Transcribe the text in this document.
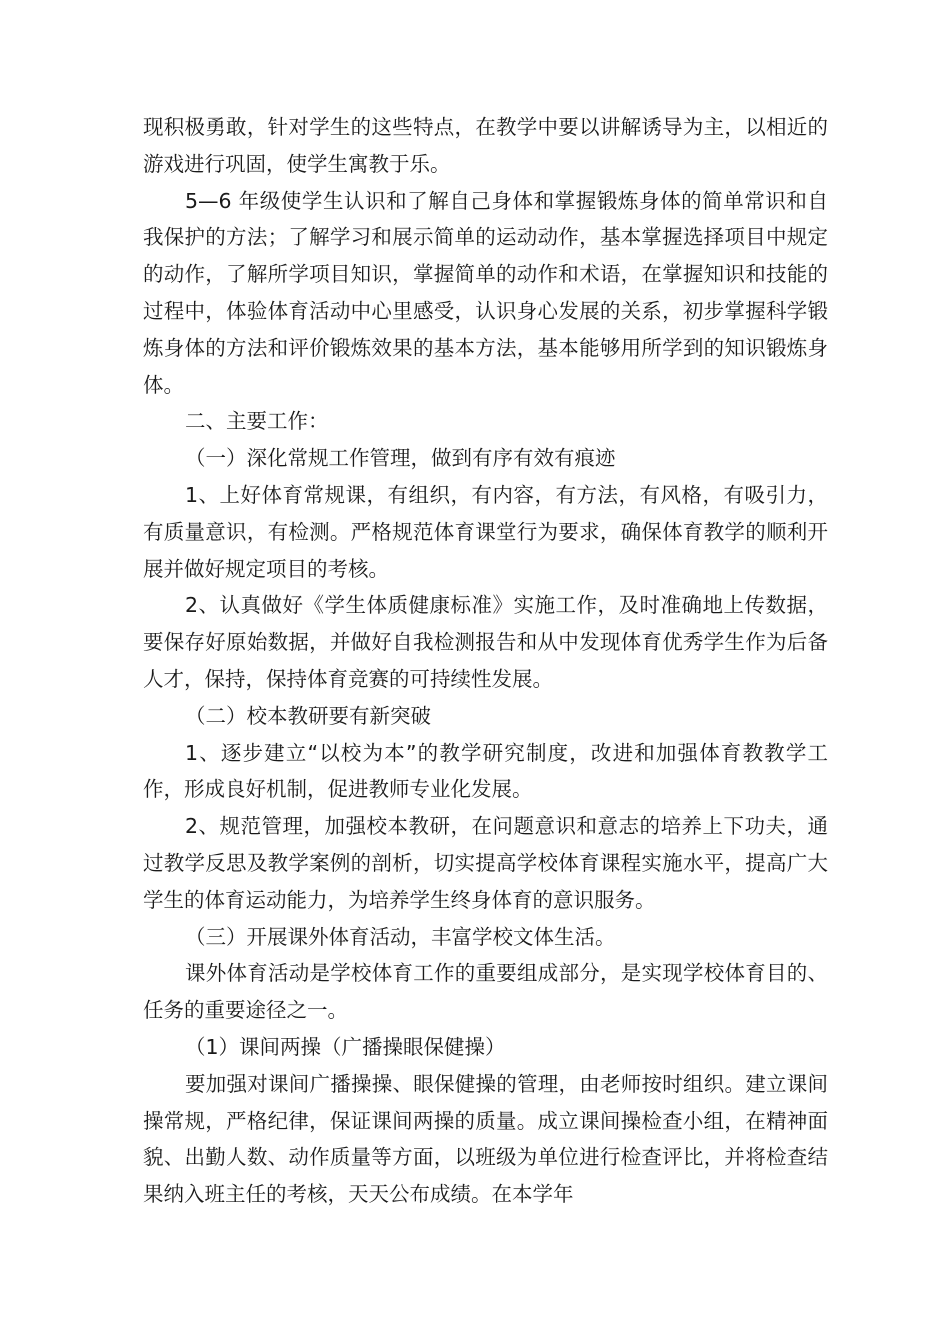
现积极勇敢，针对学生的这些特点，在教学中要以讲解诱导为主，以相近的游戏进行巩固，使学生寓教于乐。

5—6 年级使学生认识和了解自己身体和掌握锻炼身体的简单常识和自我保护的方法；了解学习和展示简单的运动动作，基本掌握选择项目中规定的动作，了解所学项目知识，掌握简单的动作和术语，在掌握知识和技能的过程中，体验体育活动中心里感受，认识身心发展的关系，初步掌握科学锻炼身体的方法和评价锻炼效果的基本方法，基本能够用所学到的知识锻炼身体。

二、主要工作：

（一）深化常规工作管理，做到有序有效有痕迹

1、上好体育常规课，有组织，有内容，有方法，有风格，有吸引力，有质量意识，有检测。严格规范体育课堂行为要求，确保体育教学的顺利开展并做好规定项目的考核。

2、认真做好《学生体质健康标准》实施工作，及时准确地上传数据，要保存好原始数据，并做好自我检测报告和从中发现体育优秀学生作为后备人才，保持，保持体育竞赛的可持续性发展。

（二）校本教研要有新突破

1、逐步建立“以校为本”的教学研究制度，改进和加强体育教教学工作，形成良好机制，促进教师专业化发展。

2、规范管理，加强校本教研，在问题意识和意志的培养上下功夫，通过教学反思及教学案例的剖析，切实提高学校体育课程实施水平，提高广大学生的体育运动能力，为培养学生终身体育的意识服务。

（三）开展课外体育活动，丰富学校文体生活。

课外体育活动是学校体育工作的重要组成部分，是实现学校体育目的、任务的重要途径之一。

（1）课间两操（广播操眼保健操）

要加强对课间广播操操、眼保健操的管理，由老师按时组织。建立课间操常规，严格纪律，保证课间两操的质量。成立课间操检查小组，在精神面貌、出勤人数、动作质量等方面，以班级为单位进行检查评比，并将检查结果纳入班主任的考核，天天公布成绩。在本学年
